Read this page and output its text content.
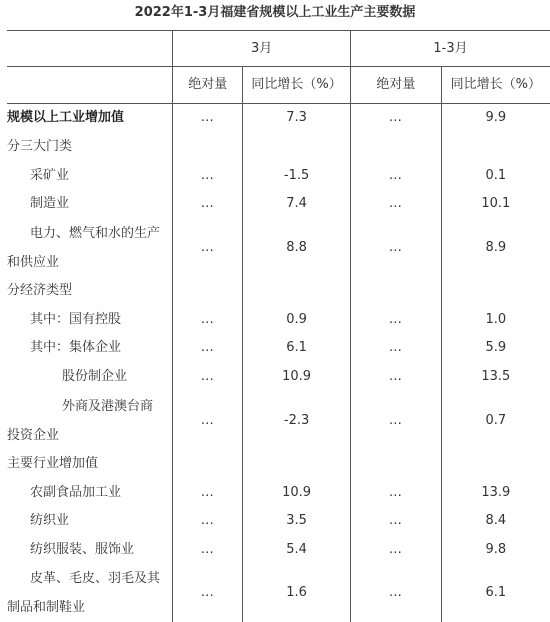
2022年1-3月福建省规模以上工业生产主要数据
	3月		1-3月	
	绝对量	同比增长（%）	绝对量	同比增长（%）
规模以上工业增加值	…	7.3	…	9.9
分三大门类				
采矿业	…	-1.5	…	0.1
制造业	…	7.4	…	10.1

电力、燃气和水的生产
和供应业	…	8.8	…	8.9
分经济类型				
其中：国有控股	…	0.9	…	1.0
其中：集体企业	…	6.1	…	5.9
股份制企业	…	10.9	…	13.5

外商及港澳台商
投资企业	…	-2.3	…	0.7
主要行业增加值				
农副食品加工业	…	10.9	…	13.9
纺织业	…	3.5	…	8.4
纺织服装、服饰业	…	5.4	…	9.8

皮革、毛皮、羽毛及其
制品和制鞋业	…	1.6	…	6.1
